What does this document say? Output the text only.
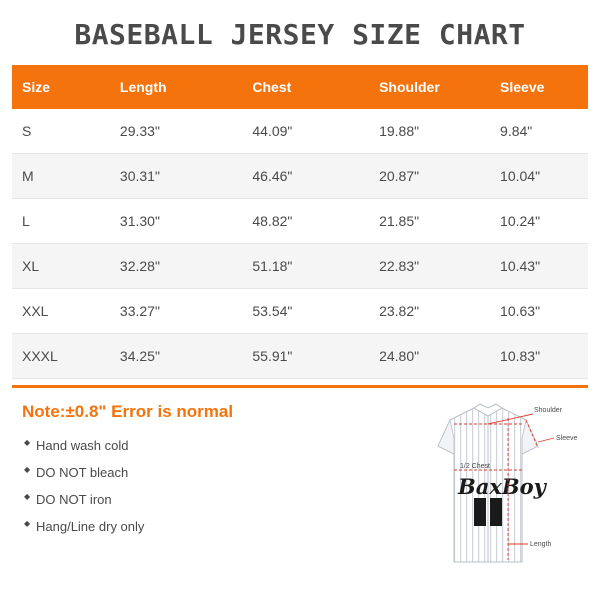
BASEBALL JERSEY SIZE CHART
Size	Length	Chest	Shoulder	Sleeve
S	29.33"	44.09"	19.88"	9.84"
M	30.31"	46.46"	20.87"	10.04"
L	31.30"	48.82"	21.85"	10.24"
XL	32.28"	51.18"	22.83"	10.43"
XXL	33.27"	53.54"	23.82"	10.63"
XXXL	34.25"	55.91"	24.80"	10.83"
Note:±0.8" Error is normal
◆ Hand wash cold
◆ DO NOT bleach
◆ DO NOT iron
◆ Hang/Line dry only
BaxBoy
Shoulder
Sleeve
1/2 Chest
Length
